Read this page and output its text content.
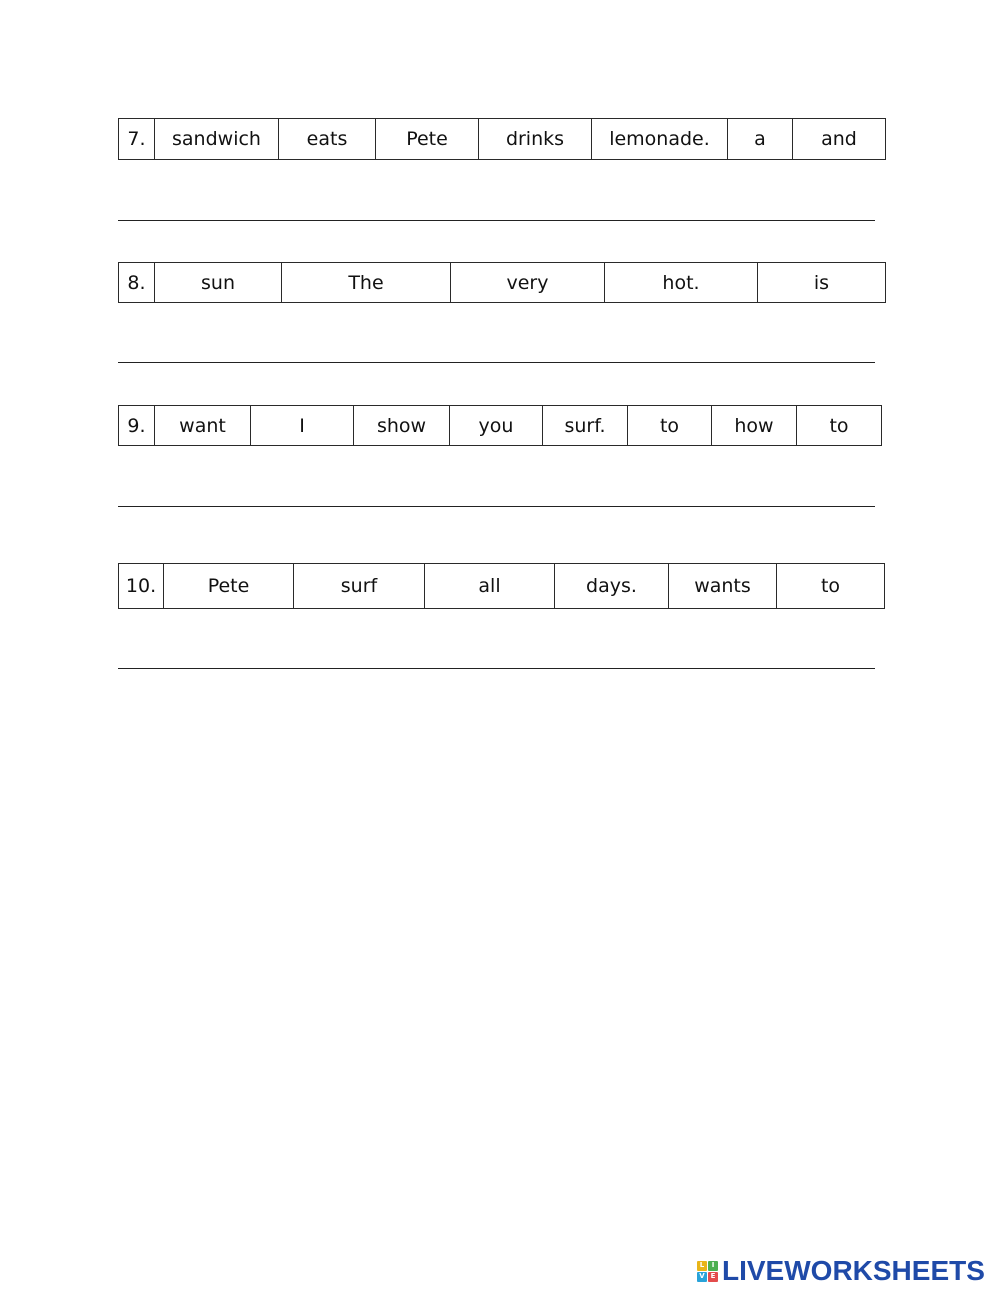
7.	sandwich	eats	Pete	drinks	lemonade.	a	and
8.	sun	The	very	hot.	is
9.	want	I	show	you	surf.	to	how	to
10.	Pete	surf	all	days.	wants	to
L	I
V E LIVEWORKSHEETS
